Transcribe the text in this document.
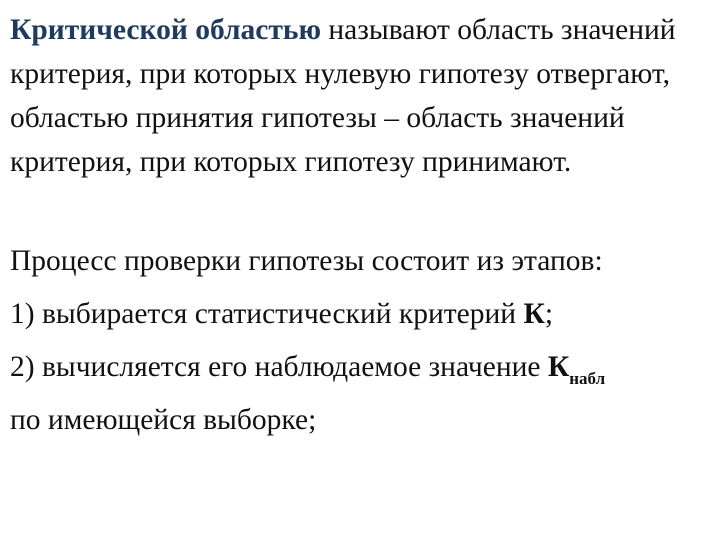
Критической областью называют область значений критерия, при которых нулевую гипотезу отвергают, областью принятия гипотезы – область значений критерия, при которых гипотезу принимают.

Процесс проверки гипотезы состоит из этапов:

1) выбирается статистический критерий К;

2) вычисляется его наблюдаемое значение $К_{набл}$

по имеющейся выборке;
